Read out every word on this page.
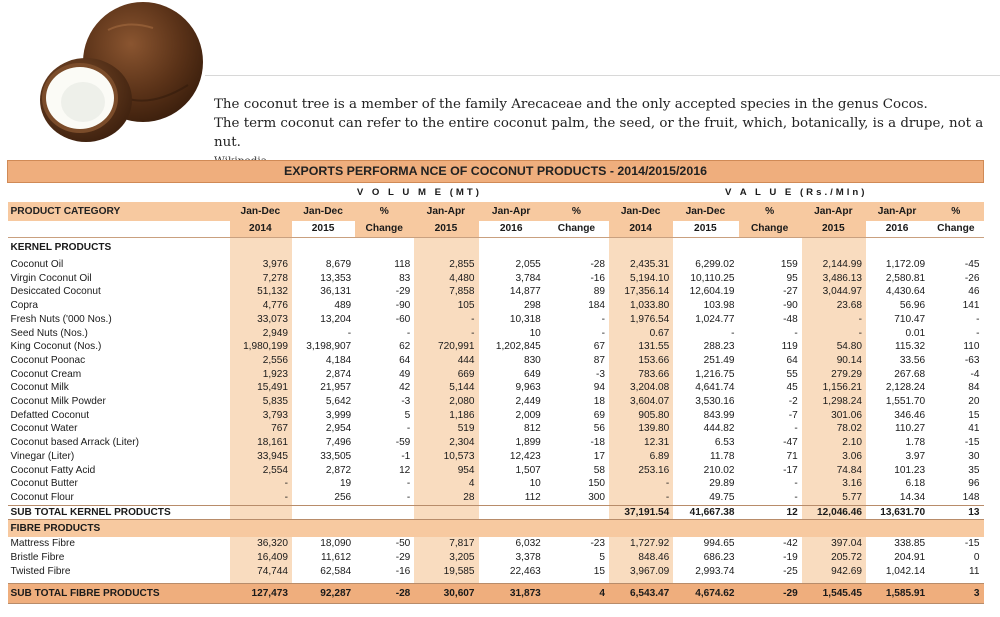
The coconut tree is a member of the family Arecaceae and the only accepted species in the genus Cocos.

The term coconut can refer to the entire coconut palm, the seed, or the fruit, which, botanically, is a drupe, not a nut.

EXPORTS PERFORMA NCE OF COCONUT PRODUCTS - 2014/2015/2016												
	V O L U M E (MT)						V A L U E (Rs./Mln)					
PRODUCT CATEGORY	Jan-Dec	Jan-Dec	%	Jan-Apr	Jan-Apr	%	Jan-Dec	Jan-Dec	%	Jan-Apr	Jan-Apr	%
	2014	2015	Change	2015	2016	Change	2014	2015	Change	2015	2016	Change
KERNEL PRODUCTS												
Coconut Oil	3,976	8,679	118	2,855	2,055	-28	2,435.31	6,299.02	159	2,144.99	1,172.09	-45
Virgin Coconut Oil	7,278	13,353	83	4,480	3,784	-16	5,194.10	10,110.25	95	3,486.13	2,580.81	-26
Desiccated Coconut	51,132	36,131	-29	7,858	14,877	89	17,356.14	12,604.19	-27	3,044.97	4,430.64	46
Copra	4,776	489	-90	105	298	184	1,033.80	103.98	-90	23.68	56.96	141
Fresh Nuts ('000 Nos.)	33,073	13,204	-60	-	10,318	-	1,976.54	1,024.77	-48	-	710.47	-
Seed Nuts (Nos.)	2,949	-	-	-	10	-	0.67	-	-	-	0.01	-
King Coconut (Nos.)	1,980,199	3,198,907	62	720,991	1,202,845	67	131.55	288.23	119	54.80	115.32	110
Coconut Poonac	2,556	4,184	64	444	830	87	153.66	251.49	64	90.14	33.56	-63
Coconut Cream	1,923	2,874	49	669	649	-3	783.66	1,216.75	55	279.29	267.68	-4
Coconut Milk	15,491	21,957	42	5,144	9,963	94	3,204.08	4,641.74	45	1,156.21	2,128.24	84
Coconut Milk Powder	5,835	5,642	-3	2,080	2,449	18	3,604.07	3,530.16	-2	1,298.24	1,551.70	20
Defatted Coconut	3,793	3,999	5	1,186	2,009	69	905.80	843.99	-7	301.06	346.46	15
Coconut Water	767	2,954	-	519	812	56	139.80	444.82	-	78.02	110.27	41
Coconut based Arrack (Liter)	18,161	7,496	-59	2,304	1,899	-18	12.31	6.53	-47	2.10	1.78	-15
Vinegar (Liter)	33,945	33,505	-1	10,573	12,423	17	6.89	11.78	71	3.06	3.97	30
Coconut Fatty Acid	2,554	2,872	12	954	1,507	58	253.16	210.02	-17	74.84	101.23	35
Coconut Butter	-	19	-	4	10	150	-	29.89	-	3.16	6.18	96
Coconut Flour	-	256	-	28	112	300	-	49.75	-	5.77	14.34	148
SUB TOTAL KERNEL PRODUCTS							37,191.54	41,667.38	12	12,046.46	13,631.70	13
FIBRE PRODUCTS												
Mattress Fibre	36,320	18,090	-50	7,817	6,032	-23	1,727.92	994.65	-42	397.04	338.85	-15
Bristle Fibre	16,409	11,612	-29	3,205	3,378	5	848.46	686.23	-19	205.72	204.91	0
Twisted Fibre	74,744	62,584	-16	19,585	22,463	15	3,967.09	2,993.74	-25	942.69	1,042.14	11

SUB TOTAL FIBRE PRODUCTS	127,473	92,287	-28	30,607	31,873	4	6,543.47	4,674.62	-29	1,545.45	1,585.91	3
